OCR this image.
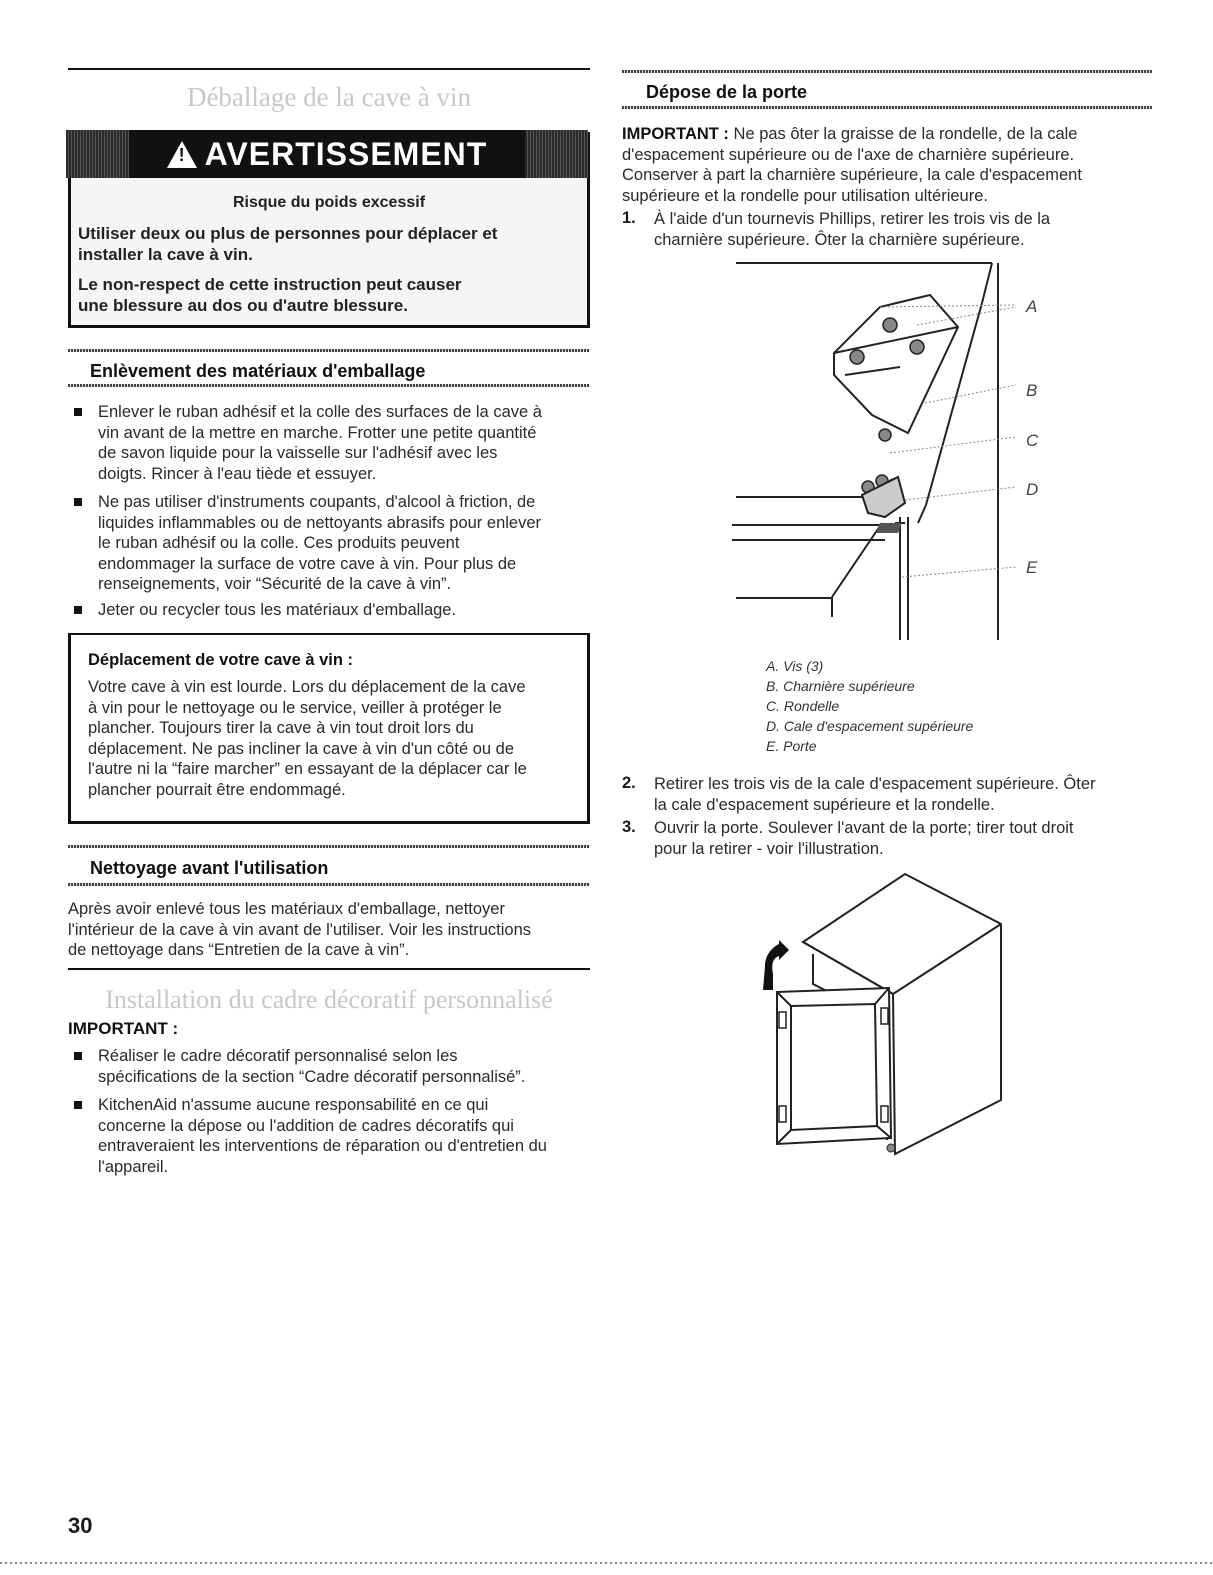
Déballage de la cave à vin
!
AVERTISSEMENT
Risque du poids excessif
Utiliser deux ou plus de personnes pour déplacer et
installer la cave à vin.
Le non-respect de cette instruction peut causer
une blessure au dos ou d'autre blessure.
Enlèvement des matériaux d'emballage
Enlever le ruban adhésif et la colle des surfaces de la cave à
vin avant de la mettre en marche. Frotter une petite quantité
de savon liquide pour la vaisselle sur l'adhésif avec les
doigts. Rincer à l'eau tiède et essuyer.
Ne pas utiliser d'instruments coupants, d'alcool à friction, de
liquides inflammables ou de nettoyants abrasifs pour enlever
le ruban adhésif ou la colle. Ces produits peuvent
endommager la surface de votre cave à vin. Pour plus de
renseignements, voir “Sécurité de la cave à vin”.
Jeter ou recycler tous les matériaux d'emballage.
Déplacement de votre cave à vin :
Votre cave à vin est lourde. Lors du déplacement de la cave
à vin pour le nettoyage ou le service, veiller à protéger le
plancher. Toujours tirer la cave à vin tout droit lors du
déplacement. Ne pas incliner la cave à vin d'un côté ou de
l'autre ni la “faire marcher” en essayant de la déplacer car le
plancher pourrait être endommagé.
Nettoyage avant l'utilisation
Après avoir enlevé tous les matériaux d'emballage, nettoyer
l'intérieur de la cave à vin avant de l'utiliser. Voir les instructions
de nettoyage dans “Entretien de la cave à vin”.
Installation du cadre décoratif personnalisé
IMPORTANT :
Réaliser le cadre décoratif personnalisé selon les
spécifications de la section “Cadre décoratif personnalisé”.
KitchenAid n'assume aucune responsabilité en ce qui
concerne la dépose ou l'addition de cadres décoratifs qui
entraveraient les interventions de réparation ou d'entretien du
l'appareil.
Dépose de la porte
IMPORTANT : Ne pas ôter la graisse de la rondelle, de la cale
d'espacement supérieure ou de l'axe de charnière supérieure.
Conserver à part la charnière supérieure, la cale d'espacement
supérieure et la rondelle pour utilisation ultérieure.
1. À l'aide d'un tournevis Phillips, retirer les trois vis de la
charnière supérieure. Ôter la charnière supérieure.
A
B
C
D
E
A. Vis (3)
B. Charnière supérieure
C. Rondelle
D. Cale d'espacement supérieure
E. Porte
2. Retirer les trois vis de la cale d'espacement supérieure. Ôter
la cale d'espacement supérieure et la rondelle.
3. Ouvrir la porte. Soulever l'avant de la porte; tirer tout droit
pour la retirer - voir l'illustration.
30
